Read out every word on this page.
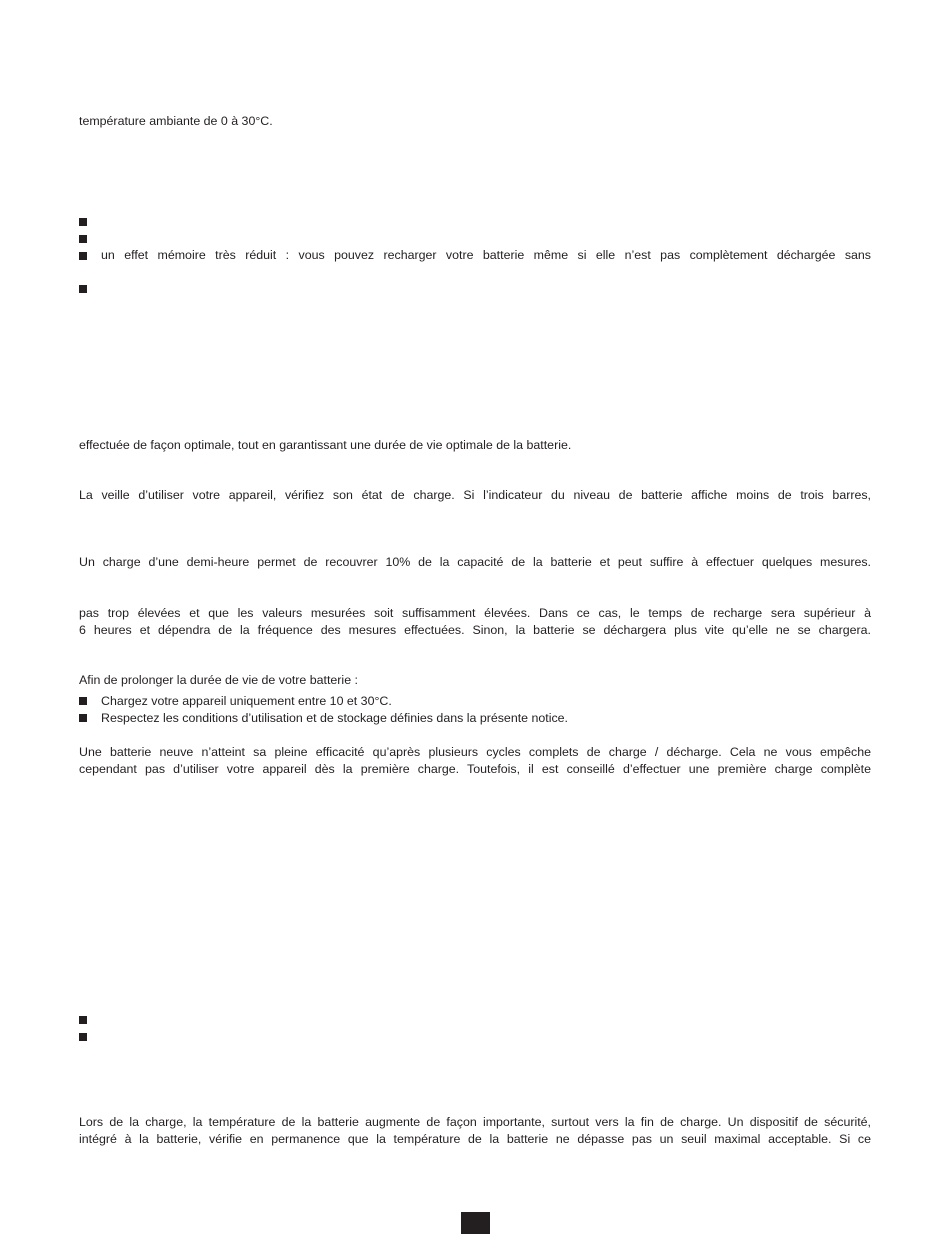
température ambiante de 0 à 30°C.
un effet mémoire très réduit : vous pouvez recharger votre batterie même si elle n’est pas complètement déchargée sans
effectuée de façon optimale, tout en garantissant une durée de vie optimale de la batterie.
La veille d’utiliser votre appareil, vérifiez son état de charge. Si l’indicateur du niveau de batterie affiche moins de trois barres,
Un charge d’une demi-heure permet de recouvrer 10% de la capacité de la batterie et peut suffire à effectuer quelques mesures.
pas trop élevées et que les valeurs mesurées soit suffisamment élevées. Dans ce cas, le temps de recharge sera supérieur à
6 heures et dépendra de la fréquence des mesures effectuées. Sinon, la batterie se déchargera plus vite qu’elle ne se chargera.
Afin de prolonger la durée de vie de votre batterie :
Chargez votre appareil uniquement entre 10 et 30°C.
Respectez les conditions d’utilisation et de stockage définies dans la présente notice.
Une batterie neuve n’atteint sa pleine efficacité qu’après plusieurs cycles complets de charge / décharge. Cela ne vous empêche
cependant pas d’utiliser votre appareil dès la première charge. Toutefois, il est conseillé d’effectuer une première charge complète
Lors de la charge, la température de la batterie augmente de façon importante, surtout vers la fin de charge. Un dispositif de sécurité,
intégré à la batterie, vérifie en permanence que la température de la batterie ne dépasse pas un seuil maximal acceptable. Si ce
